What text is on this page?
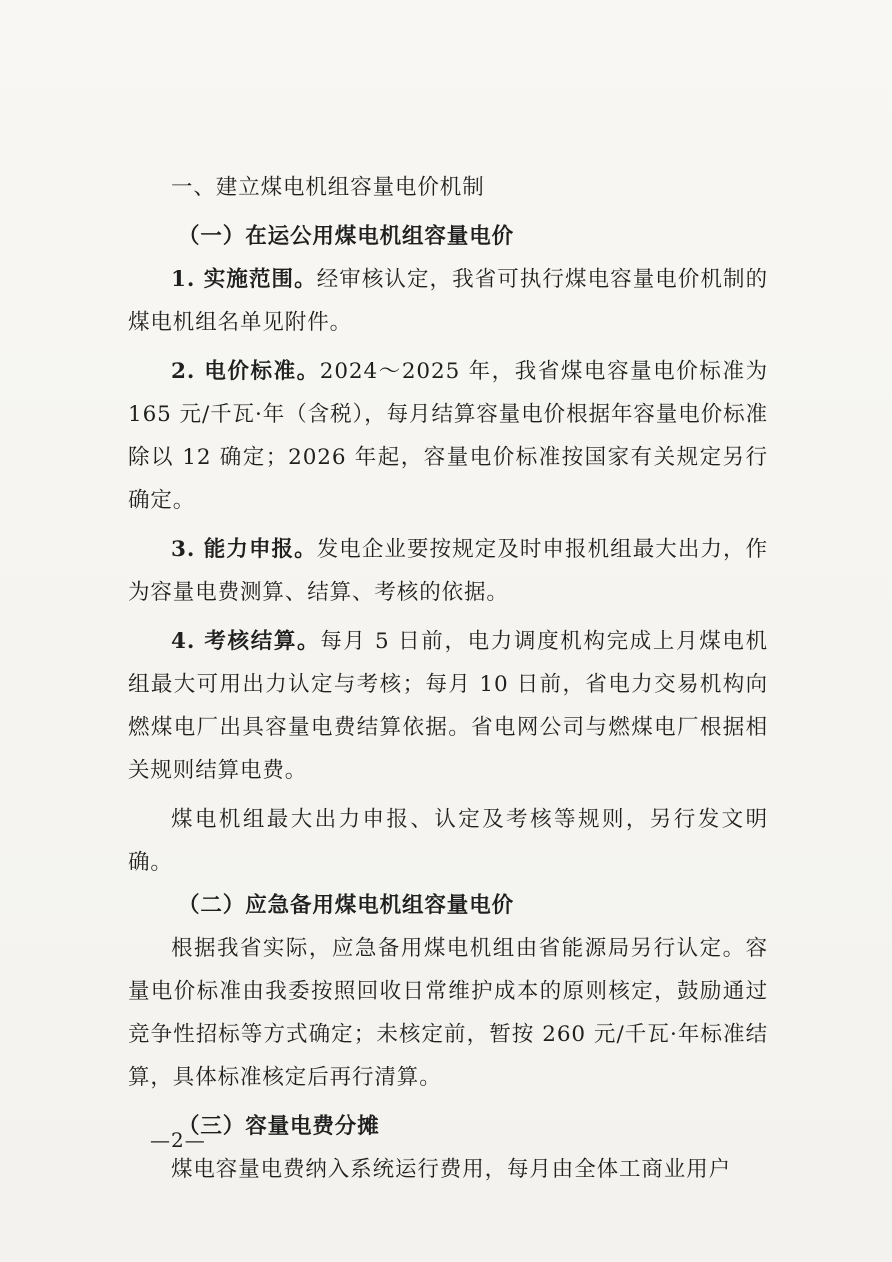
一、建立煤电机组容量电价机制

（一）在运公用煤电机组容量电价

1. 实施范围。经审核认定，我省可执行煤电容量电价机制的煤电机组名单见附件。

2. 电价标准。2024～2025 年，我省煤电容量电价标准为 165 元/千瓦·年（含税），每月结算容量电价根据年容量电价标准除以 12 确定；2026 年起，容量电价标准按国家有关规定另行确定。

3. 能力申报。发电企业要按规定及时申报机组最大出力，作为容量电费测算、结算、考核的依据。

4. 考核结算。每月 5 日前，电力调度机构完成上月煤电机组最大可用出力认定与考核；每月 10 日前，省电力交易机构向燃煤电厂出具容量电费结算依据。省电网公司与燃煤电厂根据相关规则结算电费。

煤电机组最大出力申报、认定及考核等规则，另行发文明确。

（二）应急备用煤电机组容量电价

根据我省实际，应急备用煤电机组由省能源局另行认定。容量电价标准由我委按照回收日常维护成本的原则核定，鼓励通过竞争性招标等方式确定；未核定前，暂按 260 元/千瓦·年标准结算，具体标准核定后再行清算。

（三）容量电费分摊

煤电容量电费纳入系统运行费用，每月由全体工商业用户

—2—
